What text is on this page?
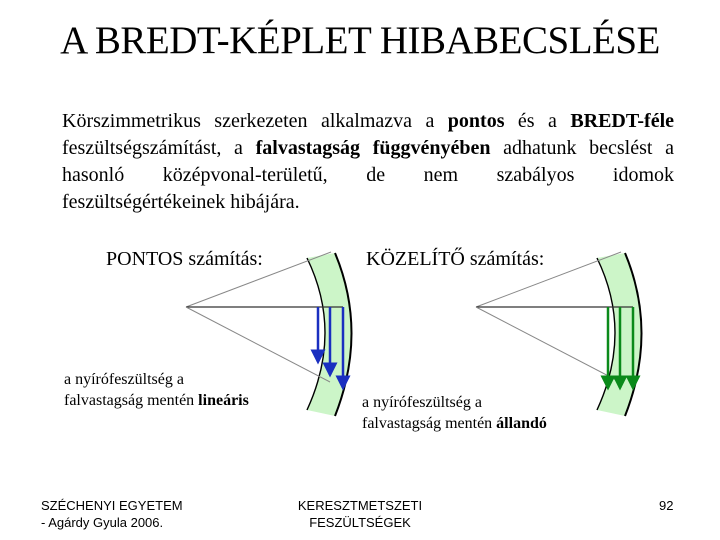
A BREDT-KÉPLET HIBABECSLÉSE
Körszimmetrikus szerkezeten alkalmazva a pontos és a BREDT-féle feszültségszámítást, a falvastagság függvényében adhatunk becslést a hasonló középvonal-területű, de nem szabályos idomok feszültségértékeinek hibájára.
PONTOS számítás:	KÖZELÍTŐ számítás:
a nyírófeszültség a
falvastagság mentén lineáris	a nyírófeszültség a
falvastagság mentén állandó
SZÉCHENYI EGYETEM
- Agárdy Gyula 2006.
KERESZTMETSZETI
FESZÜLTSÉGEK
92
